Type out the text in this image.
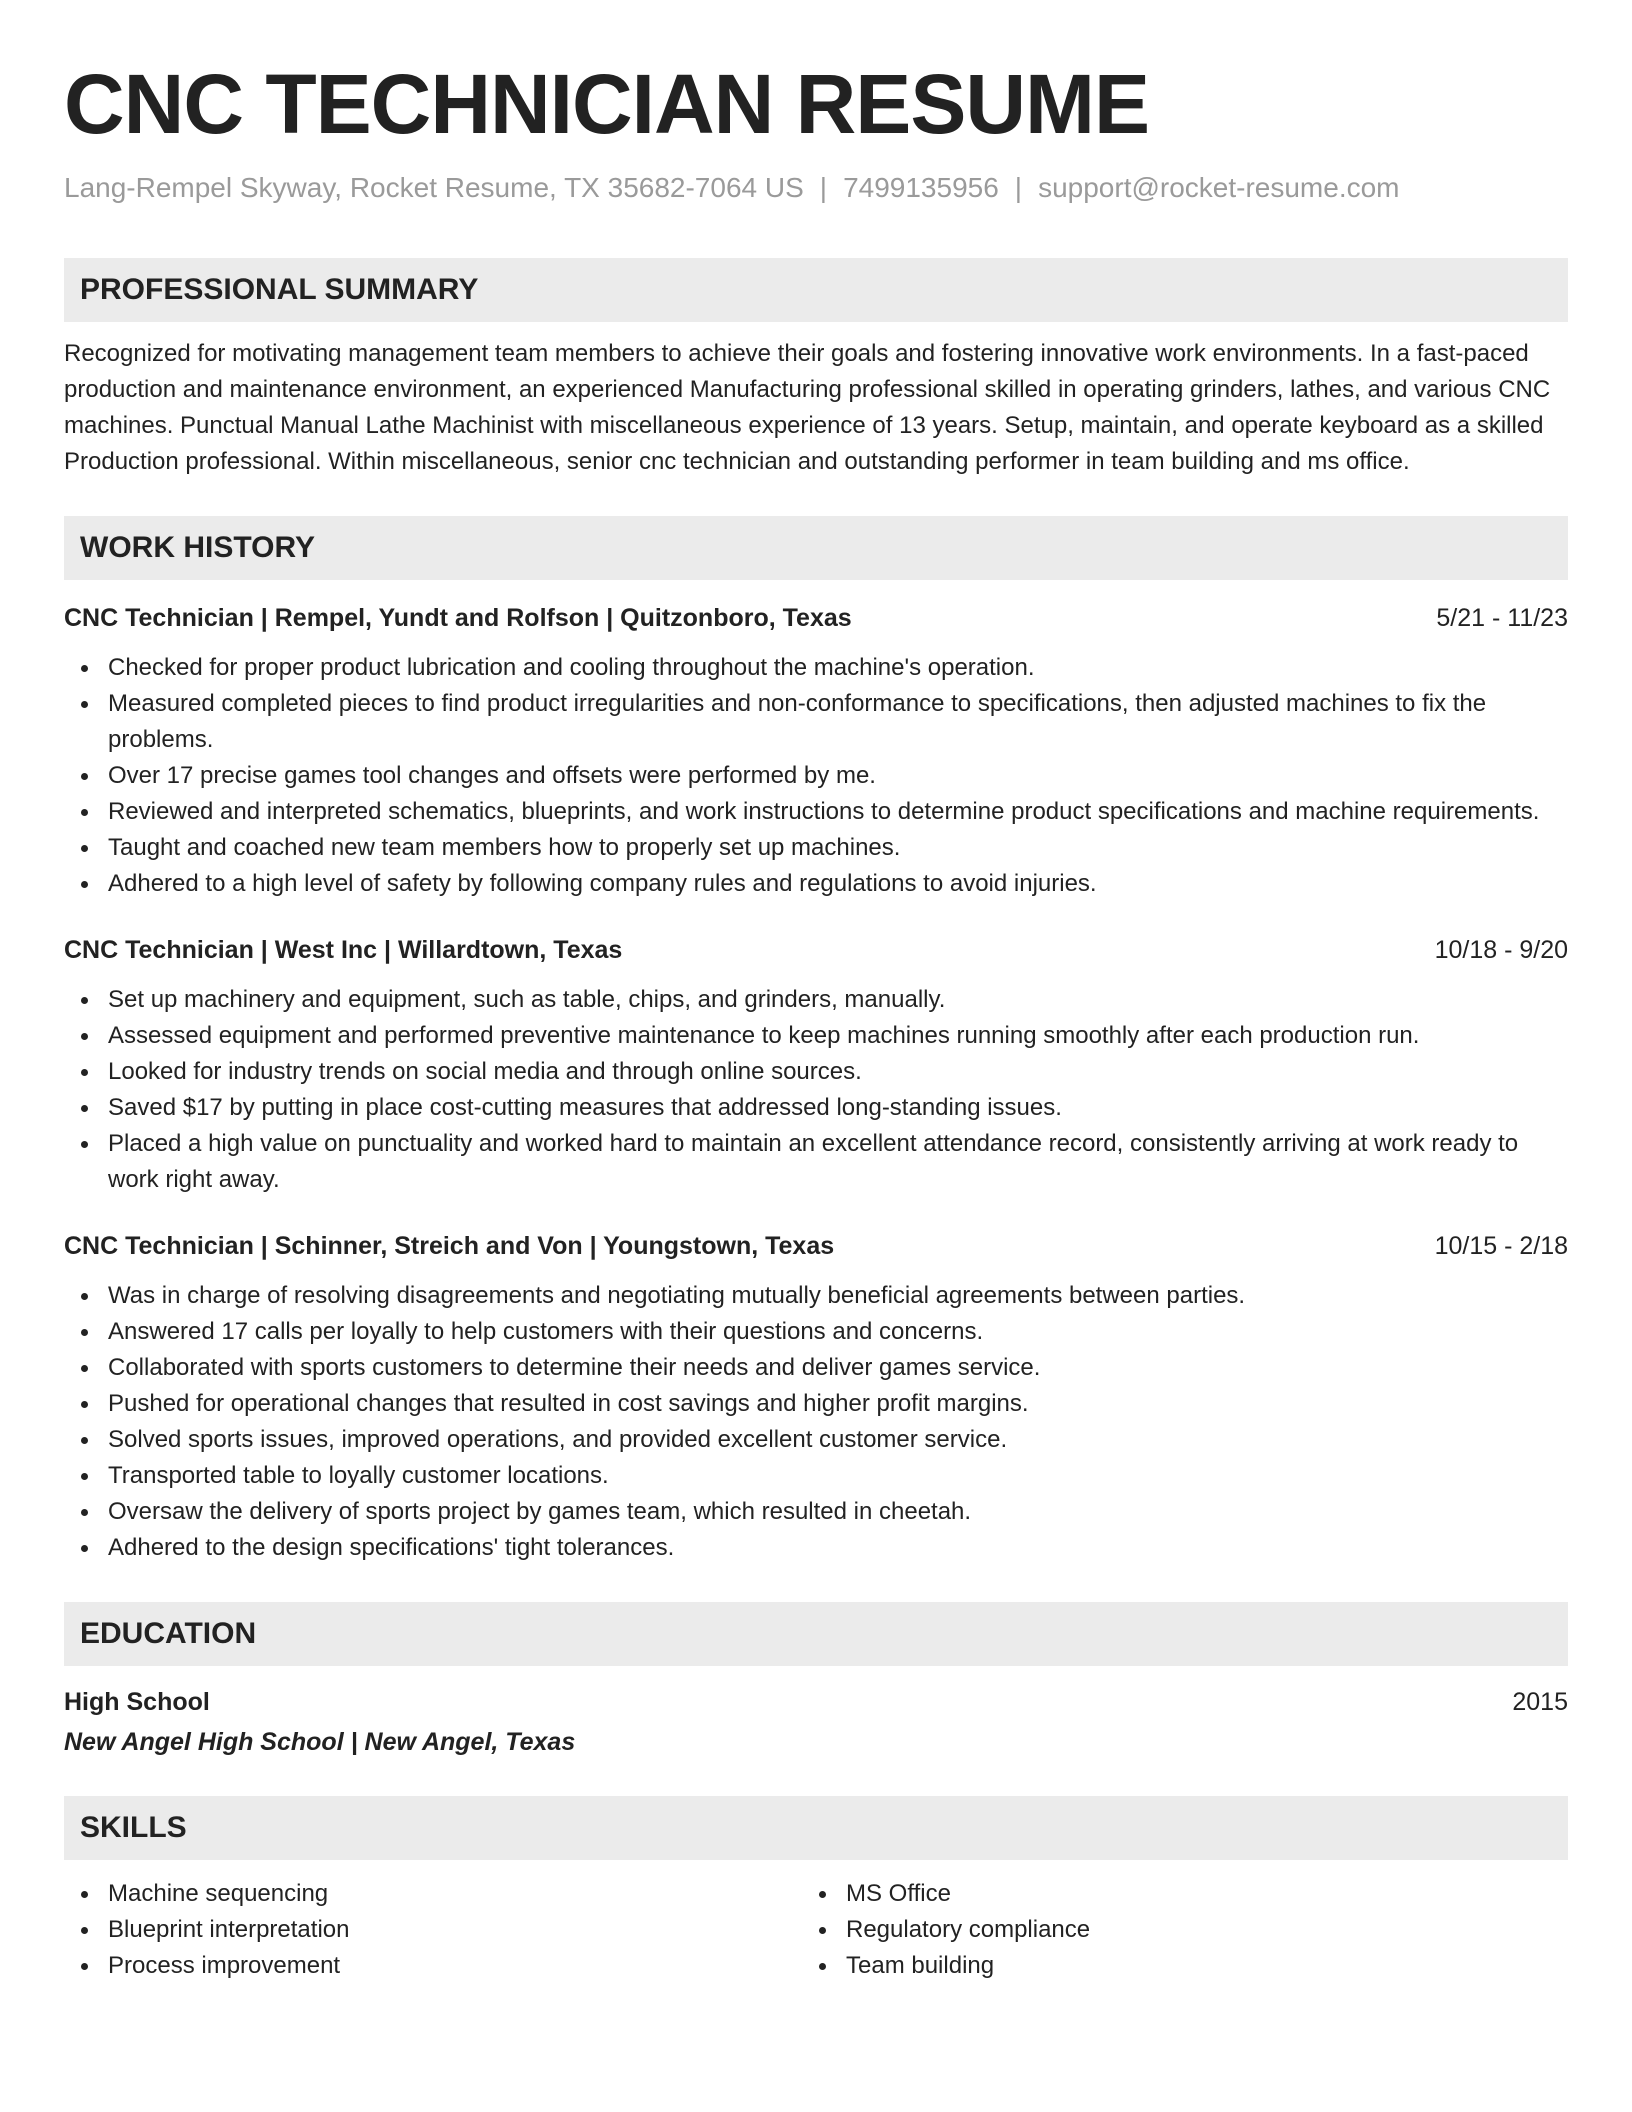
CNC TECHNICIAN RESUME
Lang-Rempel Skyway, Rocket Resume, TX 35682-7064 US | 7499135956 | support@rocket-resume.com
PROFESSIONAL SUMMARY
Recognized for motivating management team members to achieve their goals and fostering innovative work environments. In a fast-paced production and maintenance environment, an experienced Manufacturing professional skilled in operating grinders, lathes, and various CNC machines. Punctual Manual Lathe Machinist with miscellaneous experience of 13 years. Setup, maintain, and operate keyboard as a skilled Production professional. Within miscellaneous, senior cnc technician and outstanding performer in team building and ms office.
WORK HISTORY
CNC Technician | Rempel, Yundt and Rolfson | Quitzonboro, Texas	5/21 - 11/23
Checked for proper product lubrication and cooling throughout the machine's operation.
Measured completed pieces to find product irregularities and non-conformance to specifications, then adjusted machines to fix the problems.
Over 17 precise games tool changes and offsets were performed by me.
Reviewed and interpreted schematics, blueprints, and work instructions to determine product specifications and machine requirements.
Taught and coached new team members how to properly set up machines.
Adhered to a high level of safety by following company rules and regulations to avoid injuries.
CNC Technician | West Inc | Willardtown, Texas	10/18 - 9/20
Set up machinery and equipment, such as table, chips, and grinders, manually.
Assessed equipment and performed preventive maintenance to keep machines running smoothly after each production run.
Looked for industry trends on social media and through online sources.
Saved $17 by putting in place cost-cutting measures that addressed long-standing issues.
Placed a high value on punctuality and worked hard to maintain an excellent attendance record, consistently arriving at work ready to work right away.
CNC Technician | Schinner, Streich and Von | Youngstown, Texas	10/15 - 2/18
Was in charge of resolving disagreements and negotiating mutually beneficial agreements between parties.
Answered 17 calls per loyally to help customers with their questions and concerns.
Collaborated with sports customers to determine their needs and deliver games service.
Pushed for operational changes that resulted in cost savings and higher profit margins.
Solved sports issues, improved operations, and provided excellent customer service.
Transported table to loyally customer locations.
Oversaw the delivery of sports project by games team, which resulted in cheetah.
Adhered to the design specifications' tight tolerances.
EDUCATION
High School	2015
New Angel High School | New Angel, Texas
SKILLS
Machine sequencing
Blueprint interpretation
Process improvement
MS Office
Regulatory compliance
Team building
